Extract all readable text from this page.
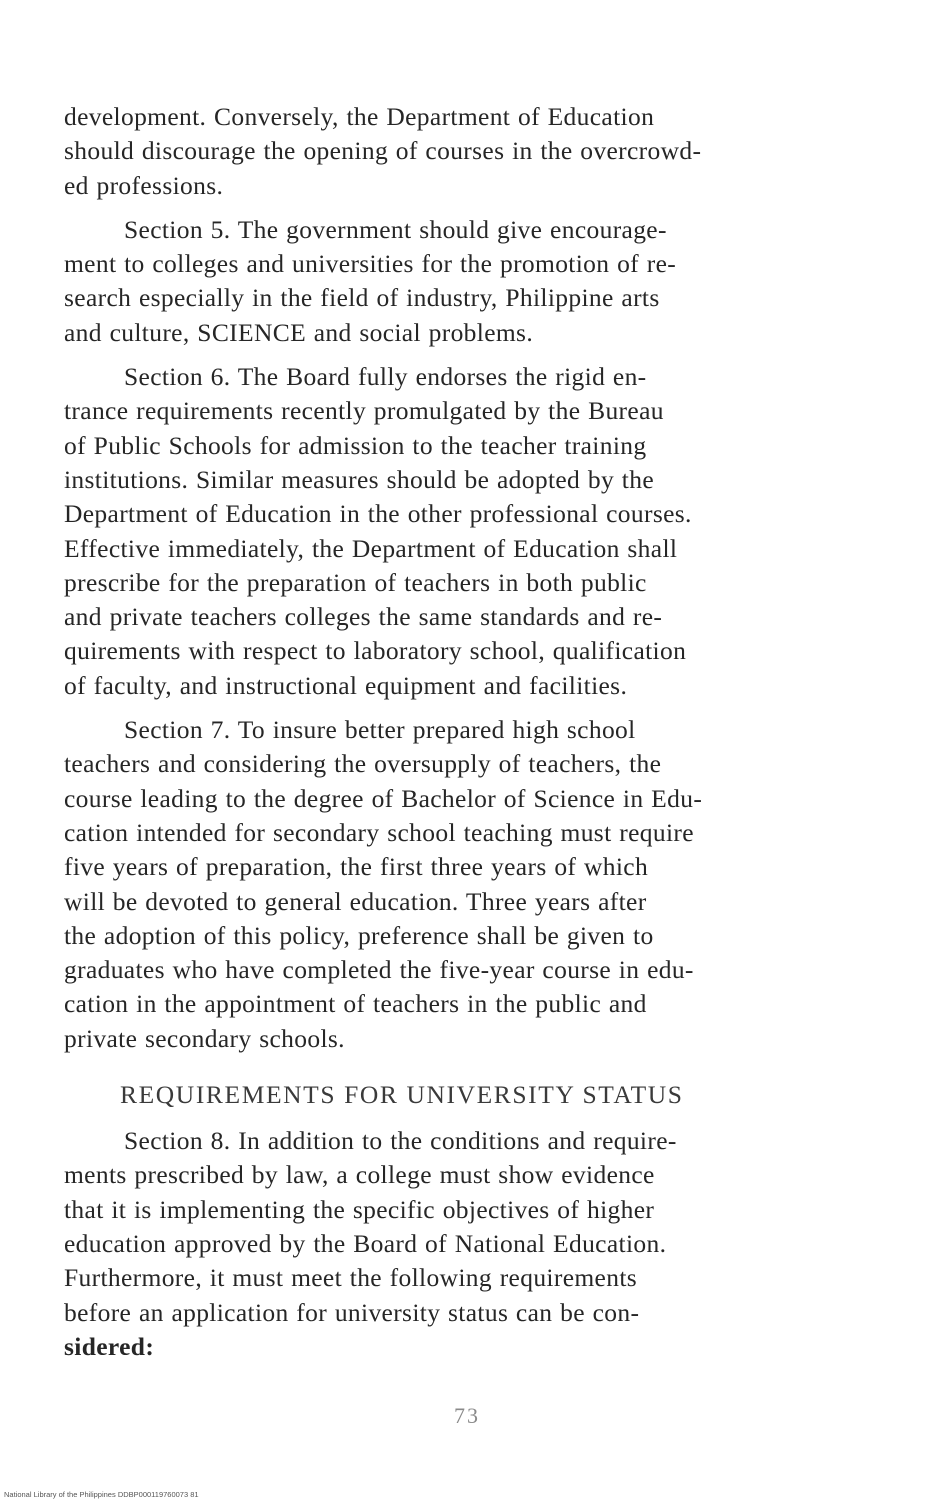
development. Conversely, the Department of Education
should discourage the opening of courses in the overcrowd-
ed professions.

Section 5. The government should give encourage-
ment to colleges and universities for the promotion of re-
search especially in the field of industry, Philippine arts
and culture, SCIENCE and social problems.

Section 6. The Board fully endorses the rigid en-
trance requirements recently promulgated by the Bureau
of Public Schools for admission to the teacher training
institutions. Similar measures should be adopted by the
Department of Education in the other professional courses.
Effective immediately, the Department of Education shall
prescribe for the preparation of teachers in both public
and private teachers colleges the same standards and re-
quirements with respect to laboratory school, qualification
of faculty, and instructional equipment and facilities.

Section 7. To insure better prepared high school
teachers and considering the oversupply of teachers, the
course leading to the degree of Bachelor of Science in Edu-
cation intended for secondary school teaching must require
five years of preparation, the first three years of which
will be devoted to general education. Three years after
the adoption of this policy, preference shall be given to
graduates who have completed the five-year course in edu-
cation in the appointment of teachers in the public and
private secondary schools.

REQUIREMENTS FOR UNIVERSITY STATUS

Section 8. In addition to the conditions and require-
ments prescribed by law, a college must show evidence
that it is implementing the specific objectives of higher
education approved by the Board of National Education.
Furthermore, it must meet the following requirements
before an application for university status can be con-
sidered:

73
National Library of the Philippines DDBP000119760073 81
